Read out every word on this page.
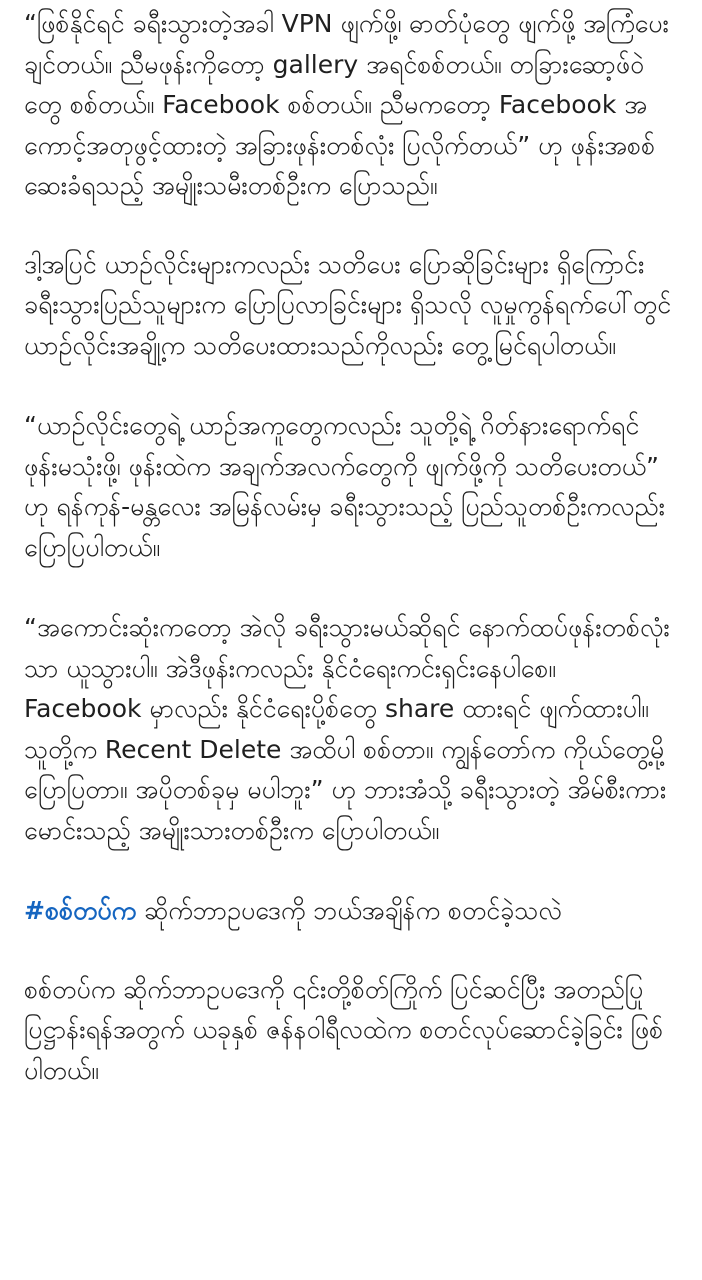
“ဖြစ်နိုင်ရင် ခရီးသွားတဲ့အခါ VPN ဖျက်ဖို့၊ ဓာတ်ပုံတွေ ဖျက်ဖို့ အကြံပေးချင်တယ်။ ညီမဖုန်းကိုတော့ gallery အရင်စစ်တယ်။ တခြားဆော့ဖ်ဝဲတွေ စစ်တယ်။ Facebook စစ်တယ်။ ညီမကတော့ Facebook အကောင့်အတုဖွင့်ထားတဲ့ အခြားဖုန်းတစ်လုံး ပြလိုက်တယ်” ဟု ဖုန်းအစစ်ဆေးခံရသည့် အမျိုးသမီးတစ်ဦးက ပြောသည်။

ဒါ့အပြင် ယာဉ်လိုင်းများကလည်း သတိပေး ပြောဆိုခြင်းများ ရှိကြောင်း ခရီးသွားပြည်သူများက ပြောပြလာခြင်းများ ရှိသလို လူမှုကွန်ရက်ပေါ်တွင် ယာဉ်လိုင်းအချို့က သတိပေးထားသည်ကိုလည်း တွေ့မြင်ရပါတယ်။

“ယာဉ်လိုင်းတွေရဲ့ ယာဉ်အကူတွေကလည်း သူတို့ရဲ့ ဂိတ်နားရောက်ရင် ဖုန်းမသုံးဖို့၊ ဖုန်းထဲက အချက်အလက်တွေကို ဖျက်ဖို့ကို သတိပေးတယ်” ဟု ရန်ကုန်-မန္တလေး အမြန်လမ်းမှ ခရီးသွားသည့် ပြည်သူတစ်ဦးကလည်း ပြောပြပါတယ်။

“အကောင်းဆုံးကတော့ အဲလို ခရီးသွားမယ်ဆိုရင် နောက်ထပ်ဖုန်းတစ်လုံးသာ ယူသွားပါ။ အဲဒီဖုန်းကလည်း နိုင်ငံရေးကင်းရှင်းနေပါစေ။ Facebook မှာလည်း နိုင်ငံရေးပို့စ်တွေ share ထားရင် ဖျက်ထားပါ။ သူတို့က Recent Delete အထိပါ စစ်တာ။ ကျွန်တော်က ကိုယ်တွေ့မို့ ပြောပြတာ။ အပိုတစ်ခုမှ မပါဘူး” ဟု ဘားအံသို့ ခရီးသွားတဲ့ အိမ်စီးကားမောင်းသည့် အမျိုးသားတစ်ဦးက ပြောပါတယ်။

#စစ်တပ်က ဆိုက်ဘာဥပဒေကို ဘယ်အချိန်က စတင်ခဲ့သလဲ

စစ်တပ်က ဆိုက်ဘာဥပဒေကို ၎င်းတို့စိတ်ကြိုက် ပြင်ဆင်ပြီး အတည်ပြုပြဋ္ဌာန်းရန်အတွက် ယခုနှစ် ဇန်နဝါရီလထဲက စတင်လုပ်ဆောင်ခဲ့ခြင်း ဖြစ်ပါတယ်။
